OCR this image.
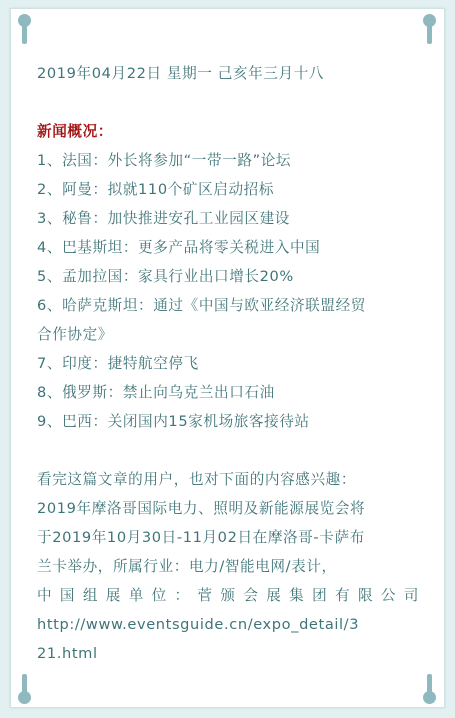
2019年04月22日 星期一 己亥年三月十八
新闻概况：
1、法国：外长将参加“一带一路”论坛
2、阿曼：拟就110个矿区启动招标
3、秘鲁：加快推进安孔工业园区建设
4、巴基斯坦：更多产品将零关税进入中国
5、孟加拉国：家具行业出口增长20%
6、哈萨克斯坦：通过《中国与欧亚经济联盟经贸
合作协定》
7、印度：捷特航空停飞
8、俄罗斯：禁止向乌克兰出口石油
9、巴西：关闭国内15家机场旅客接待站
看完这篇文章的用户，也对下面的内容感兴趣：
2019年摩洛哥国际电力、照明及新能源展览会将
于2019年10月30日-11月02日在摩洛哥-卡萨布
兰卡举办，所属行业：电力/智能电网/表计，
中国组展单位：菅颁会展集团有限公司
http://www.eventsguide.cn/expo_detail/3
21.html
